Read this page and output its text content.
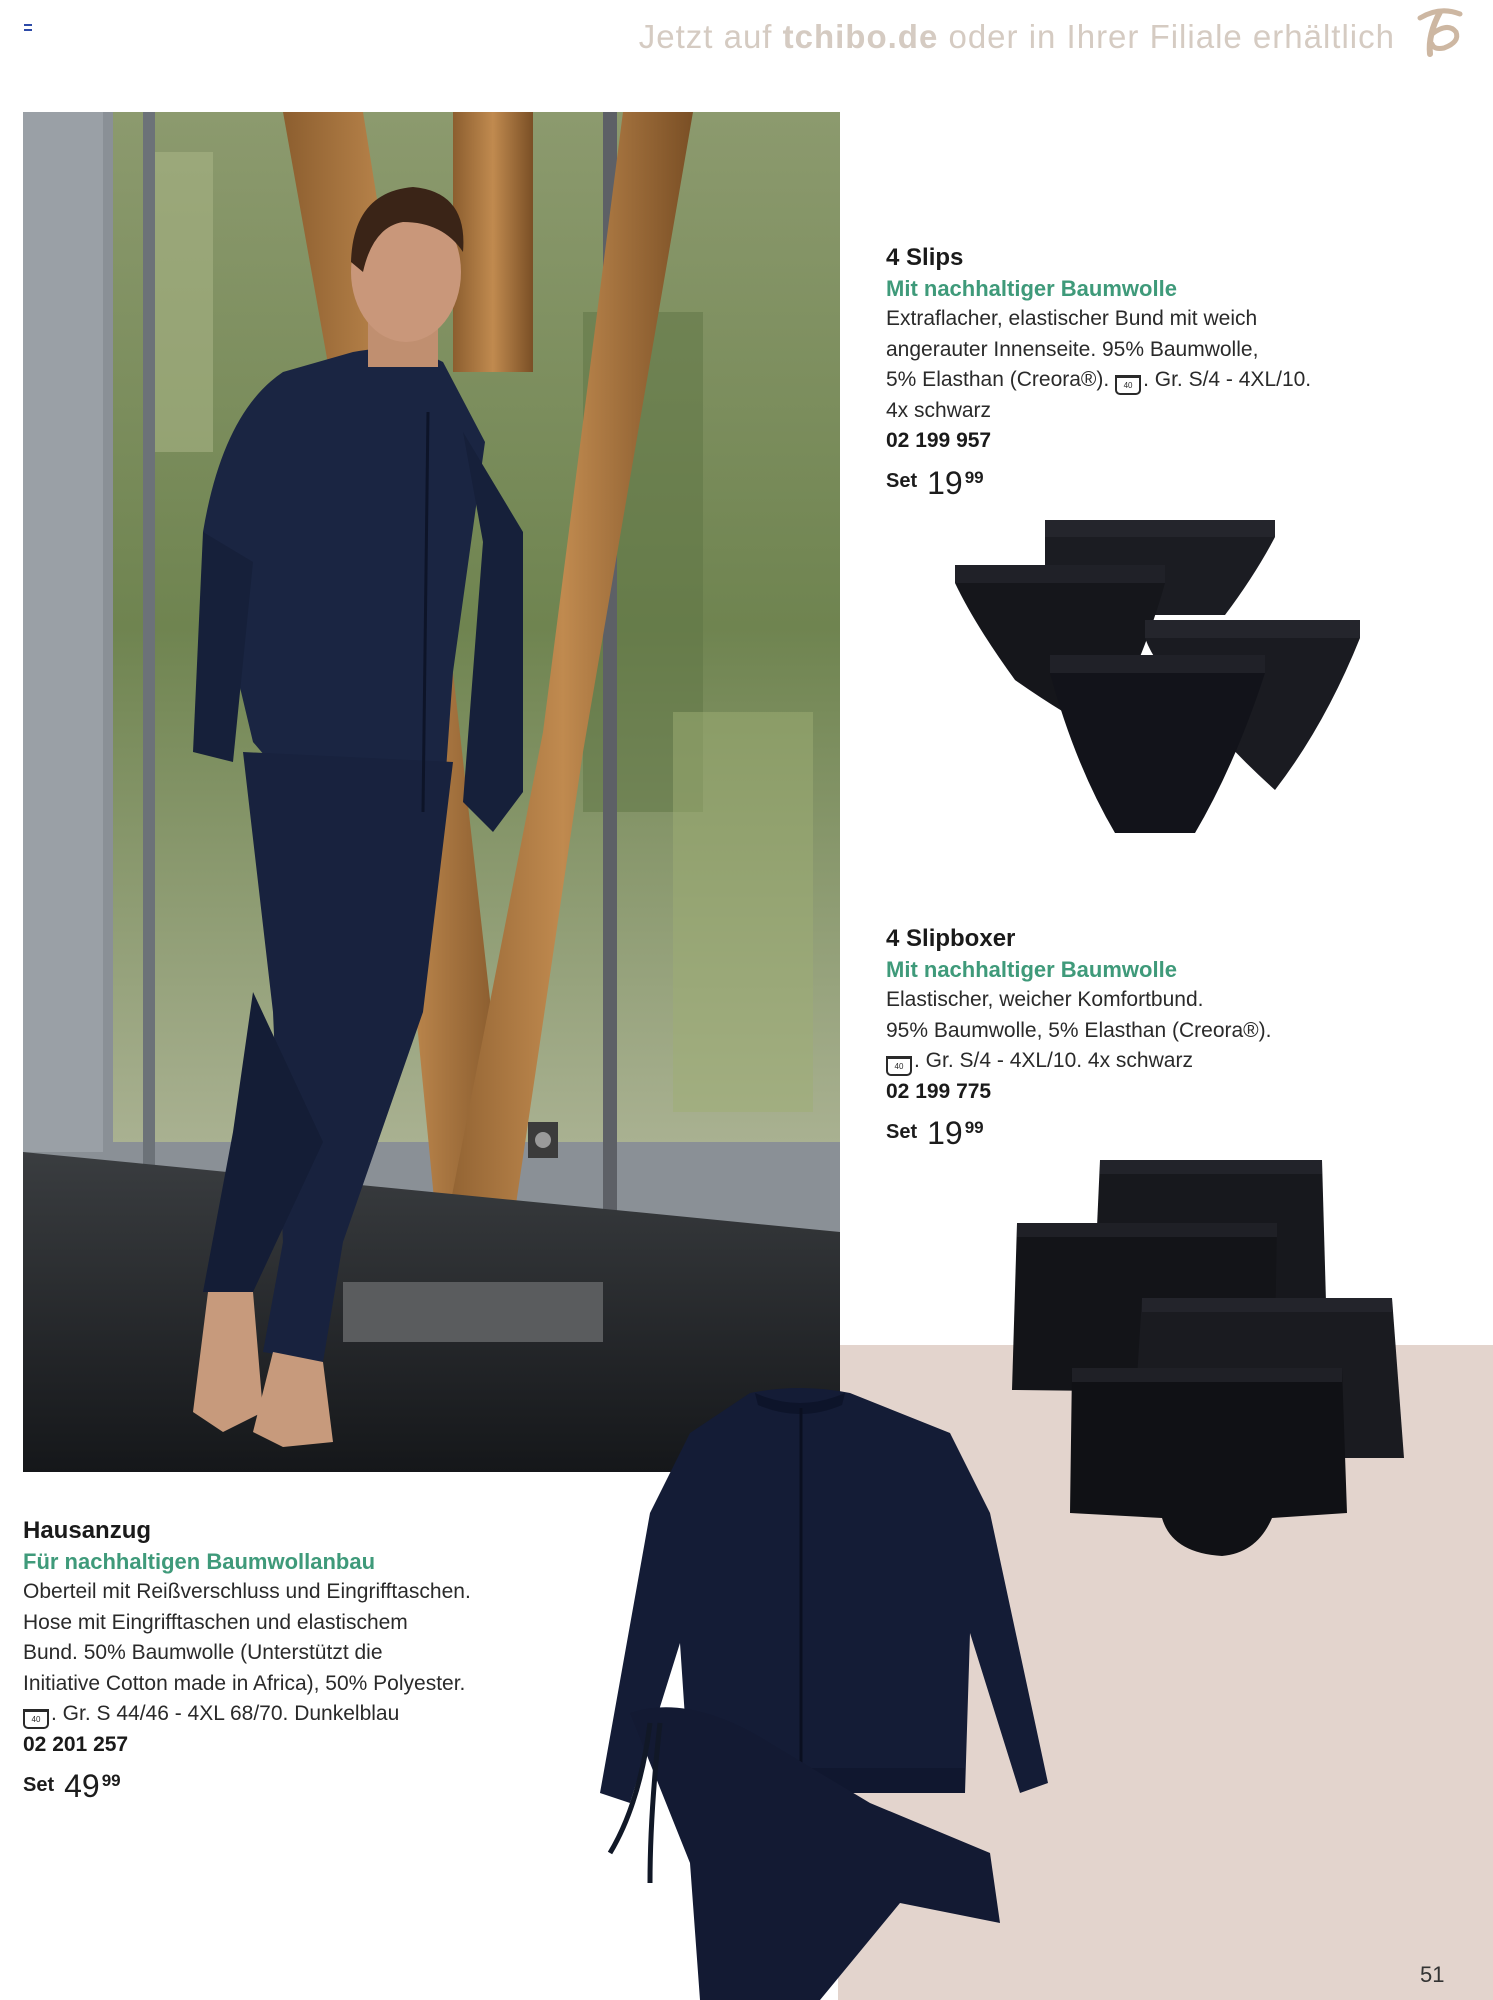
Jetzt auf tchibo.de oder in Ihrer Filiale erhältlich
4 Slips
Mit nachhaltiger Baumwolle
Extraflacher, elastischer Bund mit weich
angerauter Innenseite. 95% Baumwolle,
5% Elasthan (Creora®). 40 . Gr. S/4 - 4XL/10.
4x schwarz
02 199 957
Set 19 99
4 Slipboxer
Mit nachhaltiger Baumwolle
Elastischer, weicher Komfortbund.
95% Baumwolle, 5% Elasthan (Creora®).
40 . Gr. S/4 - 4XL/10. 4x schwarz
02 199 775
Set 19 99
Hausanzug
Für nachhaltigen Baumwollanbau
Oberteil mit Reißverschluss und Eingrifftaschen.
Hose mit Eingrifftaschen und elastischem
Bund. 50% Baumwolle (Unterstützt die
Initiative Cotton made in Africa), 50% Polyester.
40 . Gr. S 44/46 - 4XL 68/70. Dunkelblau
02 201 257
Set 49 99
51
